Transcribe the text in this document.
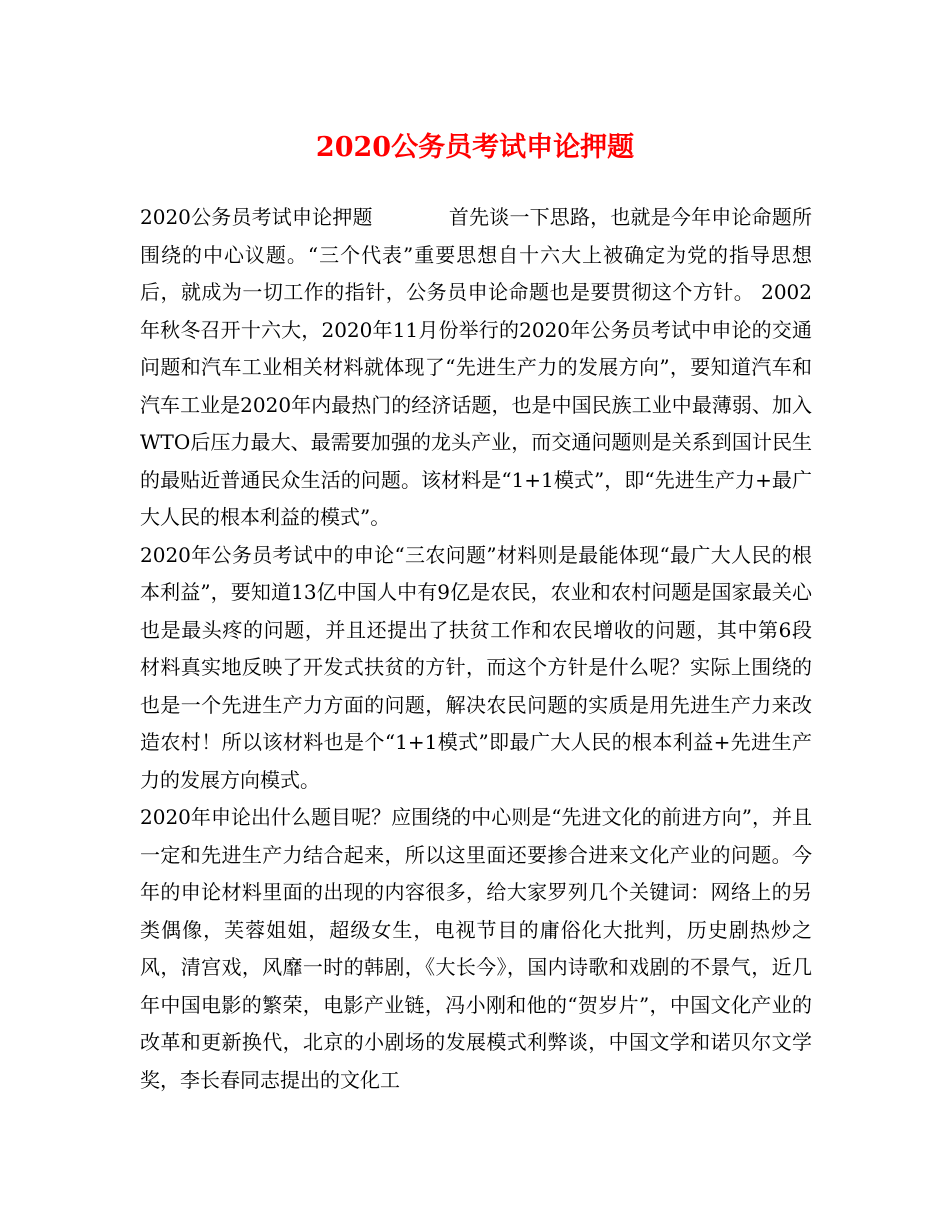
2020公务员考试申论押题

2020公务员考试申论押题	首先谈一下思路，也就是今年申论命题所围绕的中心议题。“三个代表”重要思想自十六大上被确定为党的指导思想后，就成为一切工作的指针，公务员申论命题也是要贯彻这个方针。 2002年秋冬召开十六大，2020年11月份举行的2020年公务员考试中申论的交通问题和汽车工业相关材料就体现了“先进生产力的发展方向”，要知道汽车和汽车工业是2020年内最热门的经济话题，也是中国民族工业中最薄弱、加入WTO后压力最大、最需要加强的龙头产业，而交通问题则是关系到国计民生的最贴近普通民众生活的问题。该材料是“1+1模式”，即“先进生产力+最广大人民的根本利益的模式”。

2020年公务员考试中的申论“三农问题”材料则是最能体现“最广大人民的根本利益”，要知道13亿中国人中有9亿是农民，农业和农村问题是国家最关心也是最头疼的问题，并且还提出了扶贫工作和农民增收的问题，其中第6段材料真实地反映了开发式扶贫的方针，而这个方针是什么呢？实际上围绕的也是一个先进生产力方面的问题，解决农民问题的实质是用先进生产力来改造农村！所以该材料也是个“1+1模式”即最广大人民的根本利益+先进生产力的发展方向模式。

2020年申论出什么题目呢？应围绕的中心则是“先进文化的前进方向”，并且一定和先进生产力结合起来，所以这里面还要掺合进来文化产业的问题。今年的申论材料里面的出现的内容很多，给大家罗列几个关键词：网络上的另类偶像，芙蓉姐姐，超级女生，电视节目的庸俗化大批判，历史剧热炒之风，清宫戏，风靡一时的韩剧，《大长今》，国内诗歌和戏剧的不景气，近几年中国电影的繁荣，电影产业链，冯小刚和他的“贺岁片”，中国文化产业的改革和更新换代，北京的小剧场的发展模式利弊谈，中国文学和诺贝尔文学奖，李长春同志提出的文化工
